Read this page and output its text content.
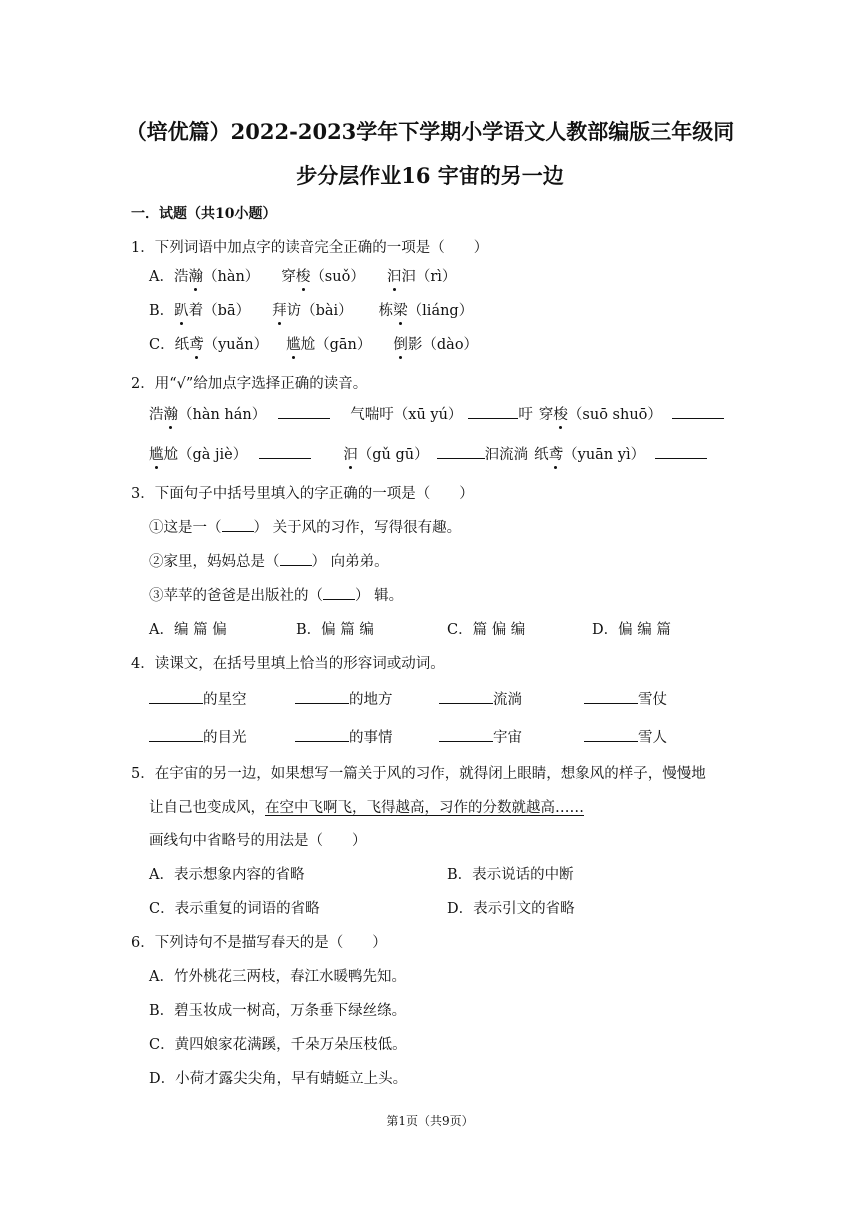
（培优篇）2022-2023学年下学期小学语文人教部编版三年级同
步分层作业16 宇宙的另一边
一．试题（共10小题）
1．下列词语中加点字的读音完全正确的一项是（　　）
A．浩瀚（hàn） 穿梭（suǒ） 汩汩（rì）
B．趴着（bā） 拜访（bài） 栋梁（liáng）
C．纸鸢（yuǎn） 尴尬（gān） 倒影（dào）
2．用“√”给加点字选择正确的读音。
浩瀚（hàn hán）	气喘吁（xū yú）	吁 穿梭（suō shuō）
尴尬（gà jiè）	汩（gǔ gū）	汩流淌 纸鸢（yuān yì）
3．下面句子中括号里填入的字正确的一项是（　　）
①这是一（ ） 关于风的习作，写得很有趣。
②家里，妈妈总是（ ） 向弟弟。
③苹苹的爸爸是出版社的（ ） 辑。
A．编 篇 偏	B．偏 篇 编	C．篇 偏 编	D．偏 编 篇
4．读课文，在括号里填上恰当的形容词或动词。
的星空	的地方	流淌	雪仗
的目光	的事情	宇宙	雪人
5．在宇宙的另一边，如果想写一篇关于风的习作，就得闭上眼睛，想象风的样子，慢慢地
让自己也变成风，在空中飞啊飞，飞得越高，习作的分数就越高……
画线句中省略号的用法是（　　）
A．表示想象内容的省略	B．表示说话的中断
C．表示重复的词语的省略	D．表示引文的省略
6．下列诗句不是描写春天的是（　　）
A．竹外桃花三两枝，春江水暖鸭先知。
B．碧玉妆成一树高，万条垂下绿丝绦。
C．黄四娘家花满蹊，千朵万朵压枝低。
D．小荷才露尖尖角，早有蜻蜓立上头。
第1页（共9页）
